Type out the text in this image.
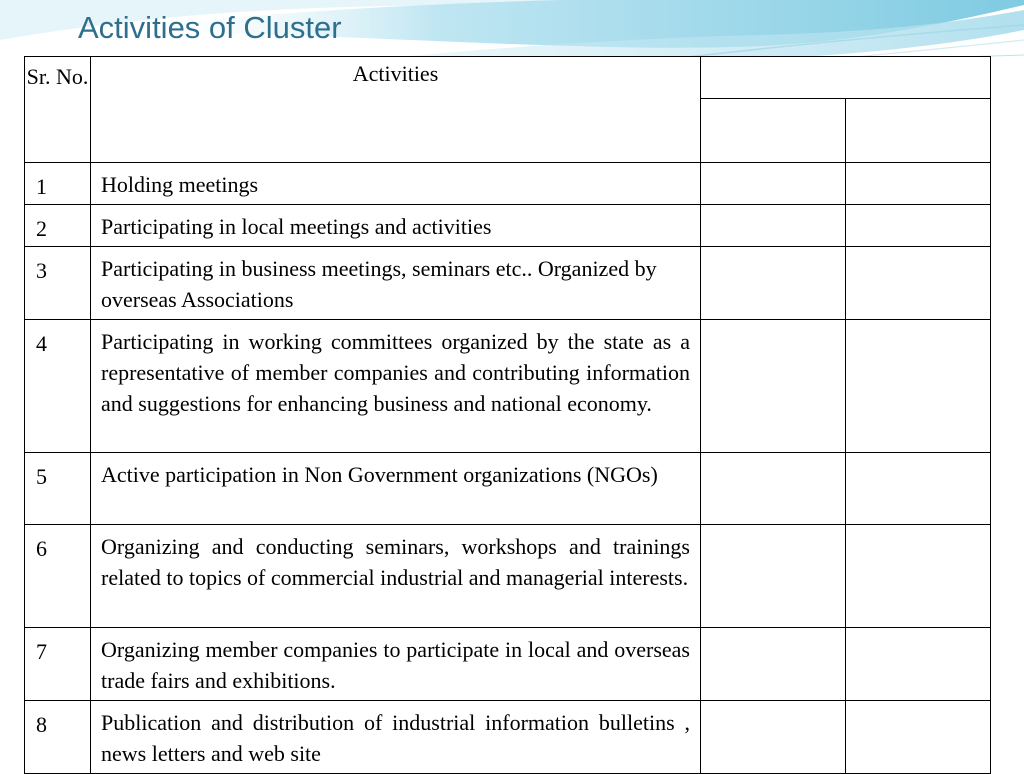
Activities of Cluster
Sr. No.	Activities		

1	Holding meetings		
2	Participating in local meetings and activities		
3	Participating in business meetings, seminars etc.. Organized by overseas Associations		
4	Participating in working committees organized by the state as a representative of member companies and contributing information and suggestions for enhancing business and national economy.		
5	Active participation in Non Government organizations (NGOs)		
6	Organizing and conducting seminars, workshops and trainings related to topics of commercial industrial and managerial interests.		
7	Organizing member companies to participate in local and overseas trade fairs and exhibitions.		
8	Publication and distribution of industrial information bulletins , news letters and web site		
